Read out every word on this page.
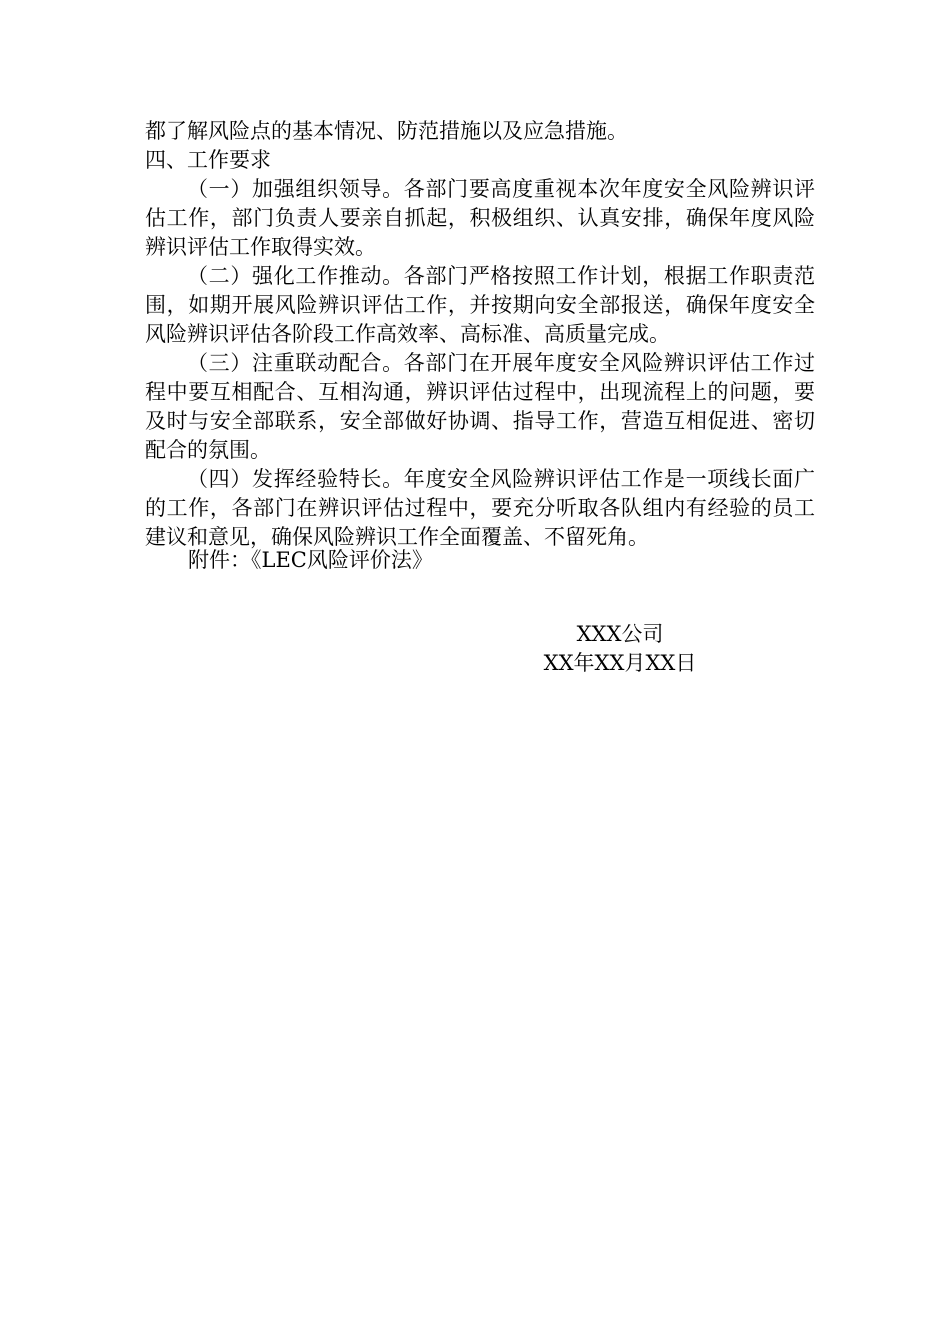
都了解风险点的基本情况、防范措施以及应急措施。

四、工作要求

（一）加强组织领导。各部门要高度重视本次年度安全风险辨识评估工作，部门负责人要亲自抓起，积极组织、认真安排，确保年度风险辨识评估工作取得实效。

（二）强化工作推动。各部门严格按照工作计划，根据工作职责范围，如期开展风险辨识评估工作，并按期向安全部报送，确保年度安全风险辨识评估各阶段工作高效率、高标准、高质量完成。

（三）注重联动配合。各部门在开展年度安全风险辨识评估工作过程中要互相配合、互相沟通，辨识评估过程中，出现流程上的问题，要及时与安全部联系，安全部做好协调、指导工作，营造互相促进、密切配合的氛围。

（四）发挥经验特长。年度安全风险辨识评估工作是一项线长面广的工作，各部门在辨识评估过程中，要充分听取各队组内有经验的员工建议和意见，确保风险辨识工作全面覆盖、不留死角。

附件：《LEC风险评价法》
XXX公司
XX年XX月XX日
